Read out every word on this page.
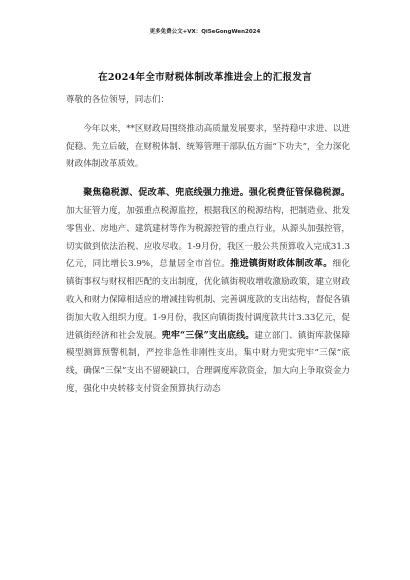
更多免费公文+VX：Qi5eGongWen2024
在2024年全市财税体制改革推进会上的汇报发言

尊敬的各位领导，同志们：

今年以来，**区财政局围绕推动高质量发展要求，坚持稳中求进、以进促稳、先立后破，在财税体制、统筹管理干部队伍方面“下功夫”，全力深化财政体制改革质效。

聚焦稳税源、促改革、兜底线强力推进。强化税费征管保稳税源。加大征管力度，加强重点税源监控，根据我区的税源结构，把制造业、批发零售业、房地产、建筑建材等作为税源控管的重点行业，从源头加强控管，切实做到依法治税、应收尽收。1-9月份，我区一般公共预算收入完成31.3亿元，同比增长3.9%，总量居全市首位。推进镇街财政体制改革。细化镇街事权与财权相匹配的支出制度，优化镇街税收增收激励政策，建立财政收入和财力保障相适应的增减挂钩机制、完善调度款的支出结构，督促各镇街加大收入组织力度。1-9月份，我区向镇街拨付调度款共计3.33亿元，促进镇街经济和社会发展。兜牢“三保”支出底线。建立部门、镇街库款保障模型测算预警机制，严控非急性非刚性支出，集中财力兜实兜牢“三保”底线，确保“三保”支出不留硬缺口，合理调度库款资金，加大向上争取资金力度，强化中央转移支付资金预算执行动态
